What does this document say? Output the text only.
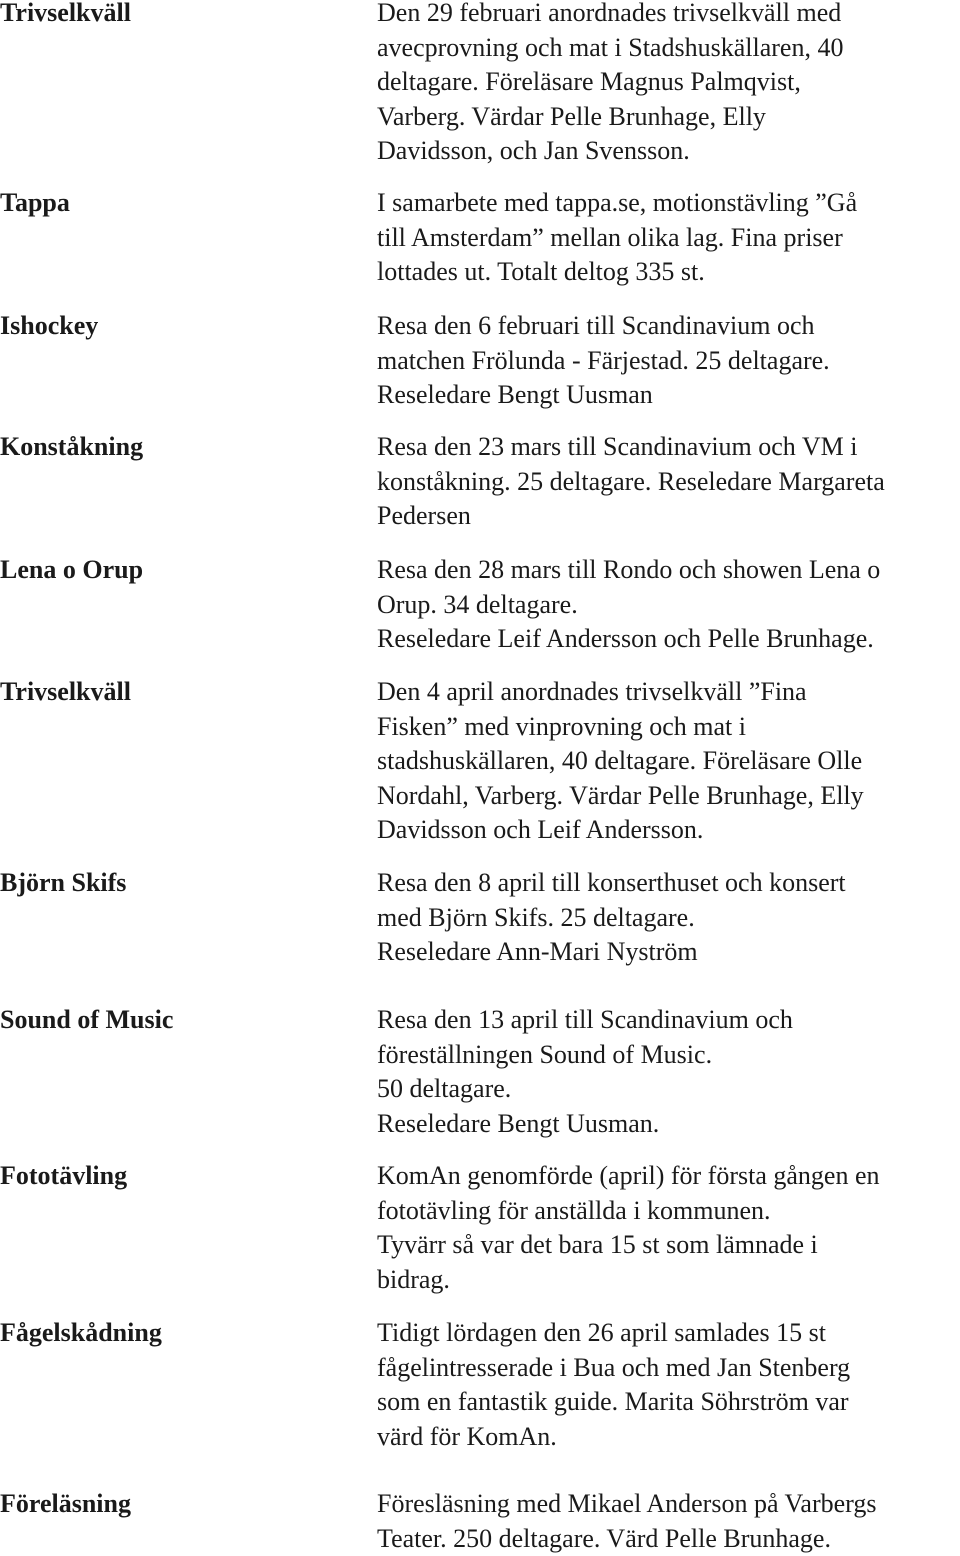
Trivselkväll	Den 29 februari anordnades trivselkväll med
avecprovning och mat i Stadshuskällaren, 40
deltagare. Föreläsare Magnus Palmqvist,
Varberg. Värdar Pelle Brunhage, Elly
Davidsson, och Jan Svensson.

Tappa	I samarbete med tappa.se, motionstävling ”Gå
till Amsterdam” mellan olika lag. Fina priser
lottades ut. Totalt deltog 335 st.

Ishockey	Resa den 6 februari till Scandinavium och
matchen Frölunda - Färjestad. 25 deltagare.
Reseledare Bengt Uusman

Konståkning	Resa den 23 mars till Scandinavium och VM i
konståkning. 25 deltagare. Reseledare Margareta
Pedersen

Lena o Orup	Resa den 28 mars till Rondo och showen Lena o
Orup. 34 deltagare.
Reseledare Leif Andersson och Pelle Brunhage.

Trivselkväll	Den 4 april anordnades trivselkväll ”Fina
Fisken” med vinprovning och mat i
stadshuskällaren, 40 deltagare. Föreläsare Olle
Nordahl, Varberg. Värdar Pelle Brunhage, Elly
Davidsson och Leif Andersson.

Björn Skifs	Resa den 8 april till konserthuset och konsert
med Björn Skifs. 25 deltagare.
Reseledare Ann-Mari Nyström

Sound of Music	Resa den 13 april till Scandinavium och
föreställningen Sound of Music.
50 deltagare.
Reseledare Bengt Uusman.

Fototävling	KomAn genomförde (april) för första gången en
fototävling för anställda i kommunen.
Tyvärr så var det bara 15 st som lämnade i
bidrag.

Fågelskådning	Tidigt lördagen den 26 april samlades 15 st
fågelintresserade i Bua och med Jan Stenberg
som en fantastik guide. Marita Söhrström var
värd för KomAn.

Föreläsning	Föresläsning med Mikael Anderson på Varbergs
Teater. 250 deltagare. Värd Pelle Brunhage.
